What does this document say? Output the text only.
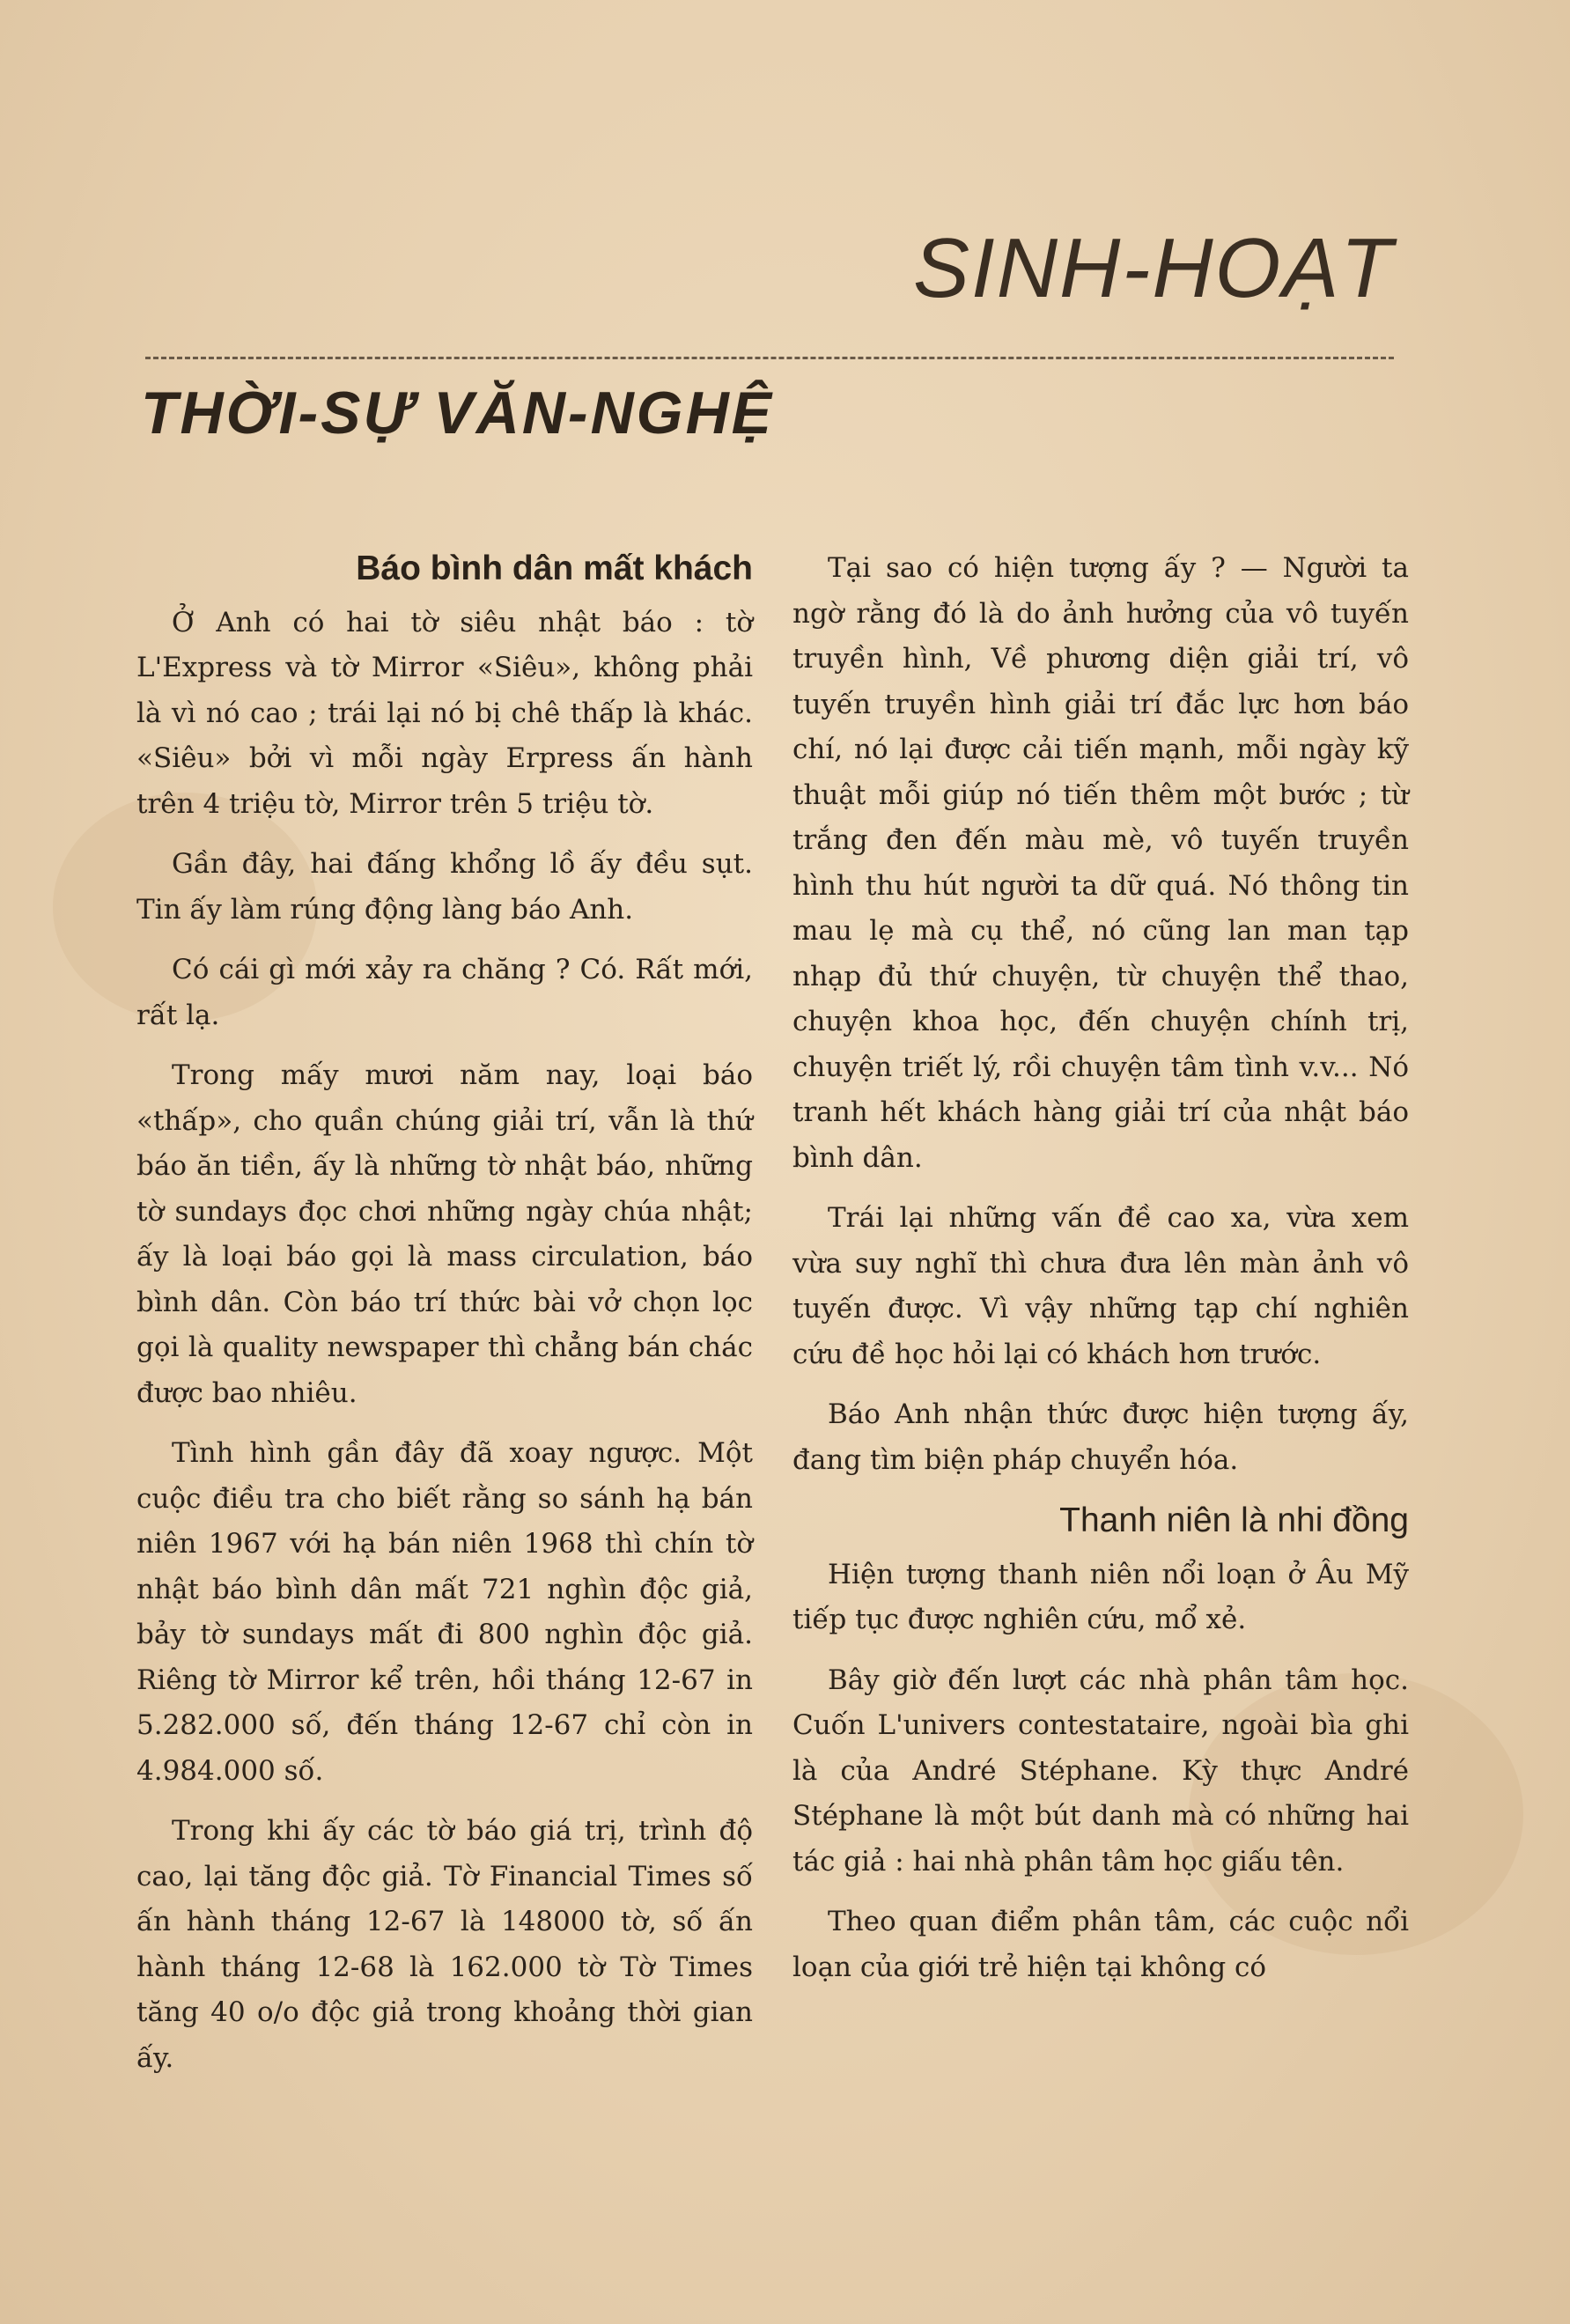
SINH-HOẠT
THỜI-SỰ VĂN-NGHỆ
Báo bình dân mất khách

Ở Anh có hai tờ siêu nhật báo : tờ L'Express và tờ Mirror «Siêu», không phải là vì nó cao ; trái lại nó bị chê thấp là khác. «Siêu» bởi vì mỗi ngày Erpress ấn hành trên 4 triệu tờ, Mirror trên 5 triệu tờ.

Gần đây, hai đấng khổng lồ ấy đều sụt. Tin ấy làm rúng động làng báo Anh.

Có cái gì mới xảy ra chăng ? Có. Rất mới, rất lạ.

Trong mấy mươi năm nay, loại báo «thấp», cho quần chúng giải trí, vẫn là thứ báo ăn tiền, ấy là những tờ nhật báo, những tờ sundays đọc chơi những ngày chúa nhật; ấy là loại báo gọi là mass circulation, báo bình dân. Còn báo trí thức bài vở chọn lọc gọi là quality newspaper thì chẳng bán chác được bao nhiêu.

Tình hình gần đây đã xoay ngược. Một cuộc điều tra cho biết rằng so sánh hạ bán niên 1967 với hạ bán niên 1968 thì chín tờ nhật báo bình dân mất 721 nghìn độc giả, bảy tờ sundays mất đi 800 nghìn độc giả. Riêng tờ Mirror kể trên, hồi tháng 12-67 in 5.282.000 số, đến tháng 12-67 chỉ còn in 4.984.000 số.

Trong khi ấy các tờ báo giá trị, trình độ cao, lại tăng độc giả. Tờ Financial Times số ấn hành tháng 12-67 là 148000 tờ, số ấn hành tháng 12-68 là 162.000 tờ Tờ Times tăng 40 o/o độc giả trong khoảng thời gian ấy.

Tại sao có hiện tượng ấy ? — Người ta ngờ rằng đó là do ảnh hưởng của vô tuyến truyền hình, Về phương diện giải trí, vô tuyến truyền hình giải trí đắc lực hơn báo chí, nó lại được cải tiến mạnh, mỗi ngày kỹ thuật mỗi giúp nó tiến thêm một bước ; từ trắng đen đến màu mè, vô tuyến truyền hình thu hút người ta dữ quá. Nó thông tin mau lẹ mà cụ thể, nó cũng lan man tạp nhạp đủ thứ chuyện, từ chuyện thể thao, chuyện khoa học, đến chuyện chính trị, chuyện triết lý, rồi chuyện tâm tình v.v... Nó tranh hết khách hàng giải trí của nhật báo bình dân.

Trái lại những vấn đề cao xa, vừa xem vừa suy nghĩ thì chưa đưa lên màn ảnh vô tuyến được. Vì vậy những tạp chí nghiên cứu đề học hỏi lại có khách hơn trước.

Báo Anh nhận thức được hiện tượng ấy, đang tìm biện pháp chuyển hóa.

Thanh niên là nhi đồng

Hiện tượng thanh niên nổi loạn ở Âu Mỹ tiếp tục được nghiên cứu, mổ xẻ.

Bây giờ đến lượt các nhà phân tâm học. Cuốn L'univers contestataire, ngoài bìa ghi là của André Stéphane. Kỳ thực André Stéphane là một bút danh mà có những hai tác giả : hai nhà phân tâm học giấu tên.

Theo quan điểm phân tâm, các cuộc nổi loạn của giới trẻ hiện tại không có
